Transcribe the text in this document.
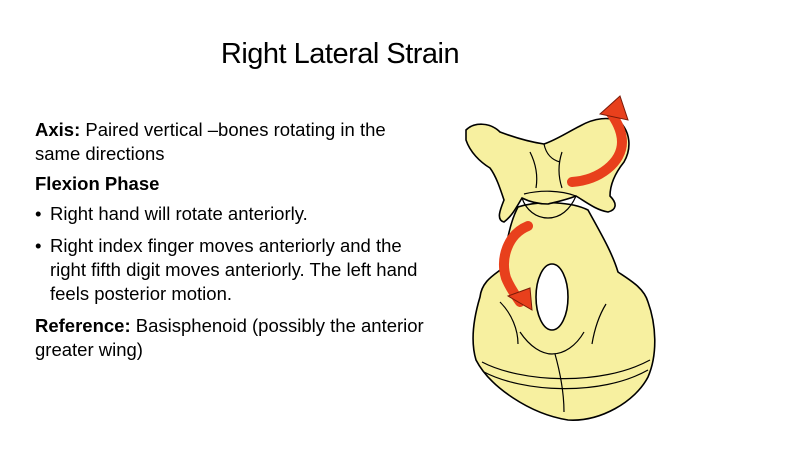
Right Lateral Strain

Axis: Paired vertical –bones rotating in the same directions

Flexion Phase

• Right hand will rotate anteriorly.
• Right index finger moves anteriorly and the right fifth digit moves anteriorly. The left hand feels posterior motion.

Reference: Basisphenoid (possibly the anterior greater wing)
